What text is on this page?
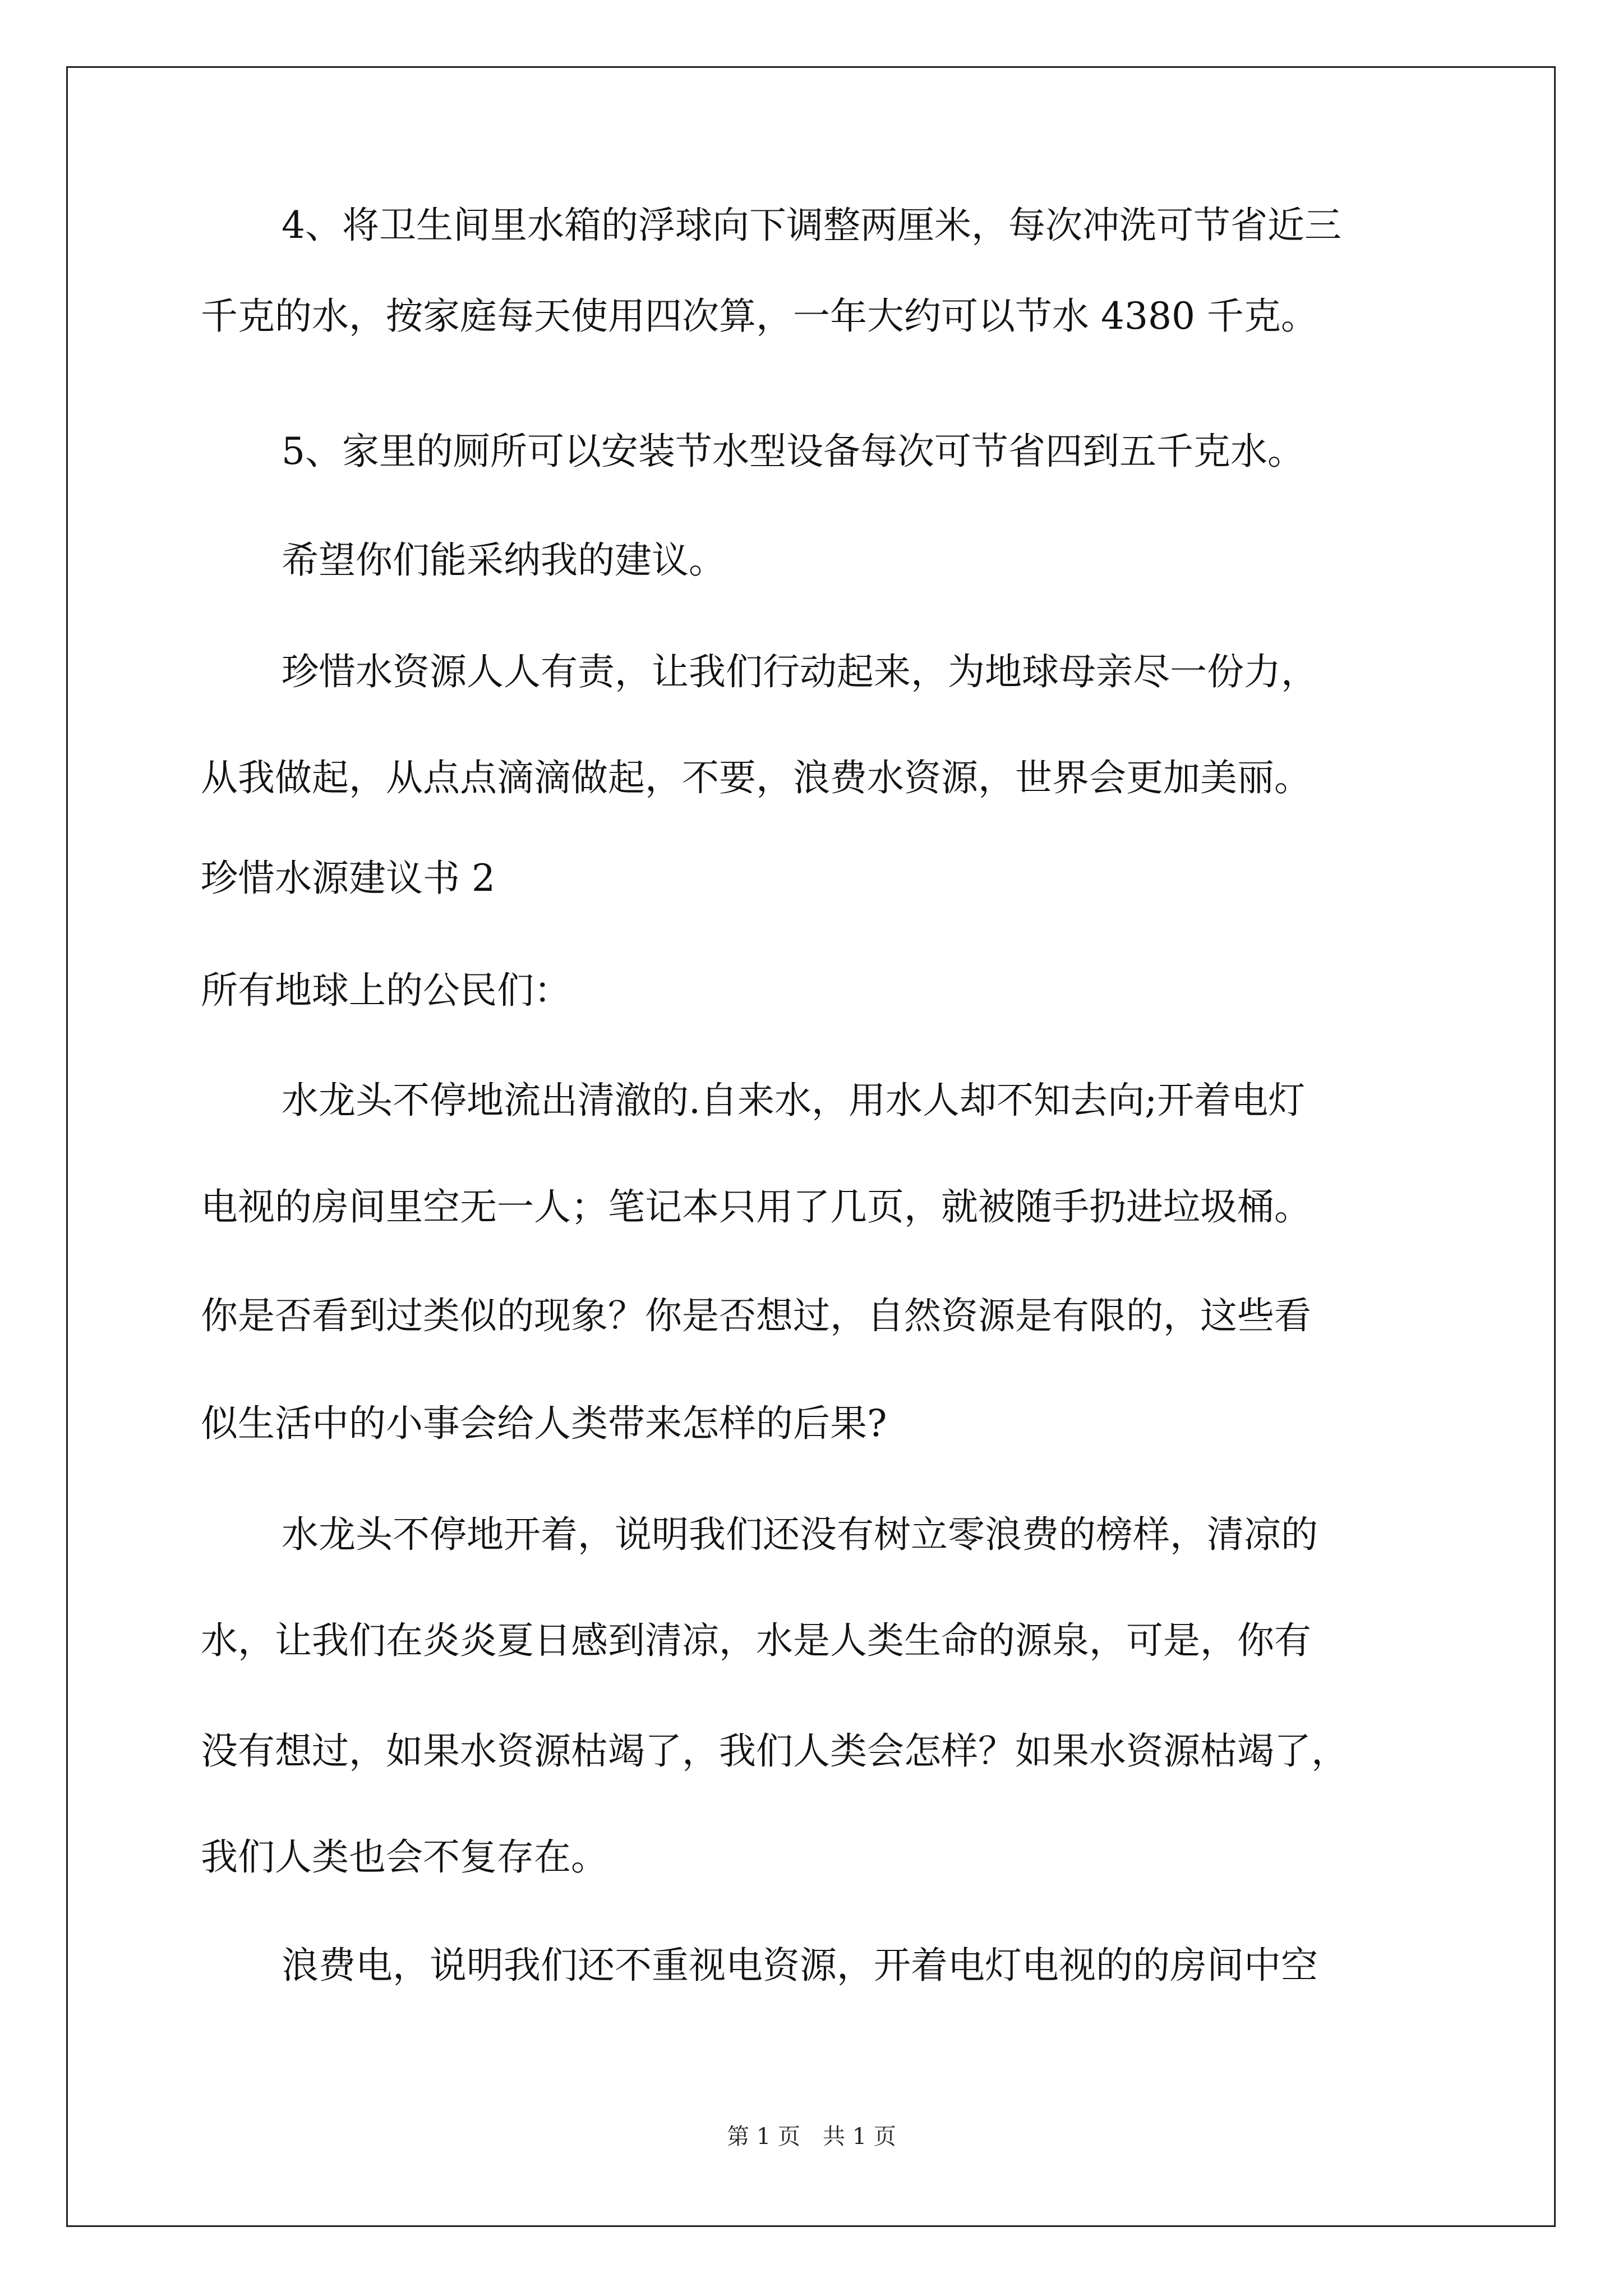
4、将卫生间里水箱的浮球向下调整两厘米，每次冲洗可节省近三
千克的水，按家庭每天使用四次算，一年大约可以节水 4380 千克。
5、家里的厕所可以安装节水型设备每次可节省四到五千克水。
希望你们能采纳我的建议。
珍惜水资源人人有责，让我们行动起来，为地球母亲尽一份力，
从我做起，从点点滴滴做起，不要，浪费水资源，世界会更加美丽。
珍惜水源建议书 2
所有地球上的公民们：
水龙头不停地流出清澈的.自来水，用水人却不知去向;开着电灯
电视的房间里空无一人；笔记本只用了几页，就被随手扔进垃圾桶。
你是否看到过类似的现象？你是否想过，自然资源是有限的，这些看
似生活中的小事会给人类带来怎样的后果?
水龙头不停地开着，说明我们还没有树立零浪费的榜样，清凉的
水，让我们在炎炎夏日感到清凉，水是人类生命的源泉，可是，你有
没有想过，如果水资源枯竭了，我们人类会怎样？如果水资源枯竭了，
我们人类也会不复存在。
浪费电，说明我们还不重视电资源，开着电灯电视的的房间中空
第 1 页　共 1 页
